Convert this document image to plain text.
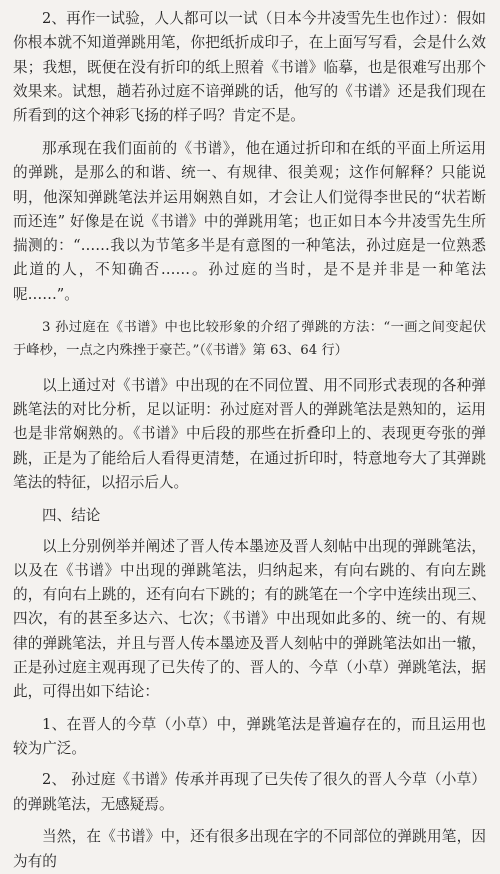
2、再作一试验，人人都可以一试（日本今井凌雪先生也作过）：假如你根本就不知道弹跳用笔，你把纸折成印子，在上面写写看，会是什么效果；我想，既便在没有折印的纸上照着《书谱》临摹，也是很难写出那个效果来。试想，趟若孙过庭不谙弹跳的话，他写的《书谱》还是我们现在所看到的这个神彩飞扬的样子吗？肯定不是。

那承现在我们面前的《书谱》，他在通过折印和在纸的平面上所运用的弹跳，是那么的和谐、统一、有规律、很美观；这作何解释？只能说明，他深知弹跳笔法并运用娴熟自如，才会让人们觉得李世民的“状若断而还连” 好像是在说《书谱》中的弹跳用笔；也正如日本今井凌雪先生所揣测的：“……我以为节笔多半是有意图的一种笔法，孙过庭是一位熟悉此道的人，不知确否……。孙过庭的当时，是不是并非是一种笔法呢……”。

3 孙过庭在《书谱》中也比较形象的介绍了弹跳的方法：“一画之间变起伏于峰杪，一点之内殊挫于豪芒。”（《书谱》第 63、64 行）

以上通过对《书谱》中出现的在不同位置、用不同形式表现的各种弹跳笔法的对比分析，足以证明：孙过庭对晋人的弹跳笔法是熟知的，运用也是非常娴熟的。《书谱》中后段的那些在折叠印上的、表现更夸张的弹跳，正是为了能给后人看得更清楚，在通过折印时，特意地夸大了其弹跳笔法的特征，以招示后人。

四、结论

以上分别例举并阐述了晋人传本墨迹及晋人刻帖中出现的弹跳笔法，以及在《书谱》中出现的弹跳笔法，归纳起来，有向右跳的、有向左跳的，有向右上跳的，还有向右下跳的；有的跳笔在一个字中连续出现三、四次，有的甚至多达六、七次；《书谱》中出现如此多的、统一的、有规律的弹跳笔法，并且与晋人传本墨迹及晋人刻帖中的弹跳笔法如出一辙，正是孙过庭主观再现了已失传了的、晋人的、今草（小草）弹跳笔法，据此，可得出如下结论：

1、在晋人的今草（小草）中，弹跳笔法是普遍存在的，而且运用也较为广泛。

2、 孙过庭《书谱》传承并再现了已失传了很久的晋人今草（小草）的弹跳笔法，无感疑焉。

当然，在《书谱》中，还有很多出现在字的不同部位的弹跳用笔，因为有的
